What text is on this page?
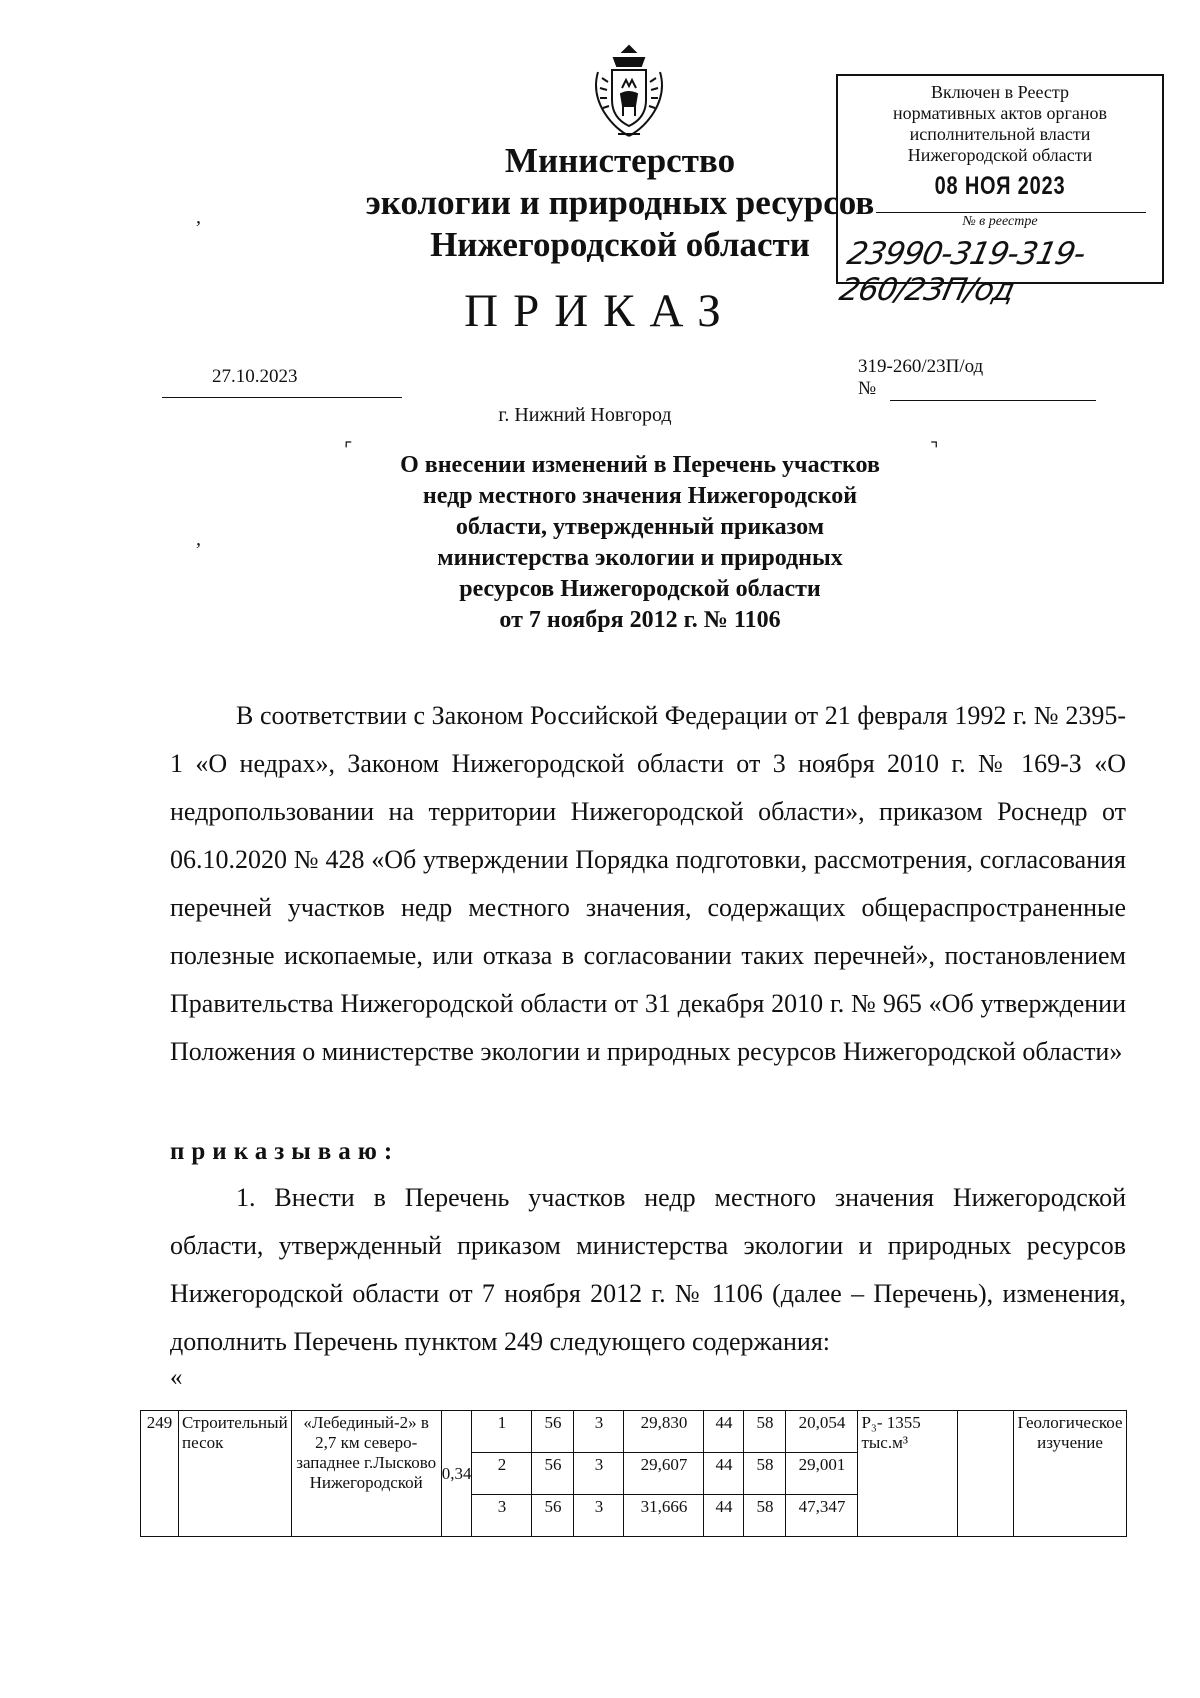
Министерство
экологии и природных ресурсов
Нижегородской области
Включен в Реестр
нормативных актов органов
исполнительной власти
Нижегородской области
08 НОЯ 2023
№ в реестре
23990-319-319-260/23П/од
ПРИКАЗ
27.10.2023	319-260/23П/од
№
г. Нижний Новгород
⌜	⌝
,
,
О внесении изменений в Перечень участков
недр местного значения Нижегородской
области, утвержденный приказом
министерства экологии и природных
ресурсов Нижегородской области
от 7 ноября 2012 г. № 1106
В соответствии с Законом Российской Федерации от 21 февраля 1992 г. № 2395-1 «О недрах», Законом Нижегородской области от 3 ноября 2010 г. № 169-З «О недропользовании на территории Нижегородской области», приказом Роснедр от 06.10.2020 № 428 «Об утверждении Порядка подготовки, рассмотрения, согласования перечней участков недр местного значения, содержащих общераспространенные полезные ископаемые, или отказа в согласовании таких перечней», постановлением Правительства Нижегородской области от 31 декабря 2010 г. № 965 «Об утверждении Положения о министерстве экологии и природных ресурсов Нижегородской области»
приказываю:
1. Внести в Перечень участков недр местного значения Нижегородской области, утвержденный приказом министерства экологии и природных ресурсов Нижегородской области от 7 ноября 2012 г. № 1106 (далее – Перечень), изменения, дополнить Перечень пунктом 249 следующего содержания:
«
249	Строительный песок	«Лебединый-2» в 2,7 км северо-западнее г.Лысково Нижегородской	0,34	1	56	3	29,830	44	58	20,054	Р₃- 1355 тыс.м³		Геологическое изучение
				2	56	3	29,607	44	58	29,001			
				3	56	3	31,666	44	58	47,347			
